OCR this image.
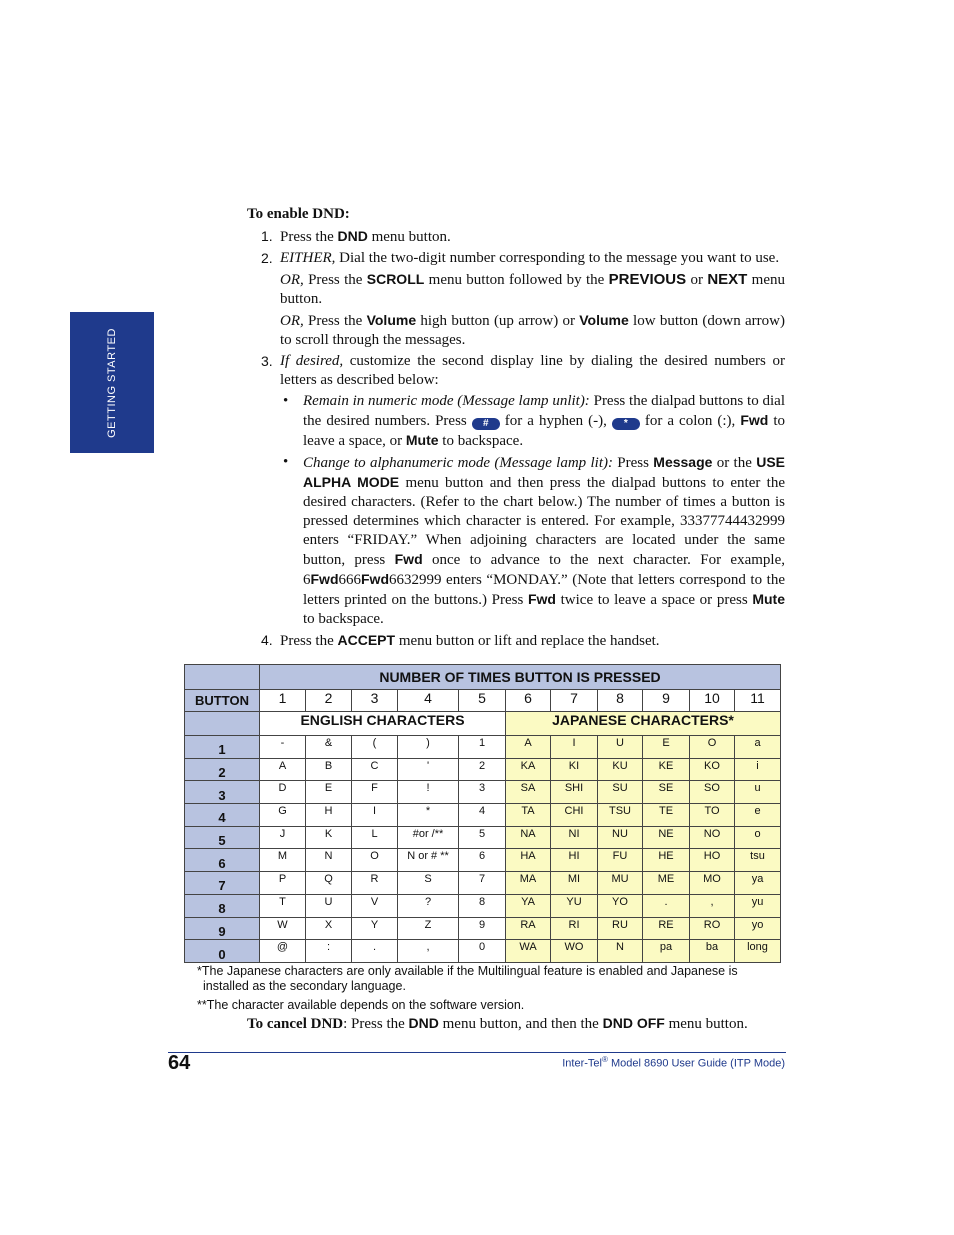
GETTING STARTED
To enable DND:
1. Press the DND menu button.
2. EITHER, Dial the two-digit number corresponding to the message you want to use.
OR, Press the SCROLL menu button followed by the PREVIOUS or NEXT menu button.
OR, Press the Volume high button (up arrow) or Volume low button (down arrow) to scroll through the messages.
3. If desired, customize the second display line by dialing the desired numbers or letters as described below:
• Remain in numeric mode (Message lamp unlit): Press the dialpad buttons to dial the desired numbers. Press # for a hyphen (-), * for a colon (:), Fwd to leave a space, or Mute to backspace.
• Change to alphanumeric mode (Message lamp lit): Press Message or the USE ALPHA MODE menu button and then press the dialpad buttons to enter the desired characters. (Refer to the chart below.) The number of times a button is pressed determines which character is entered. For example, 33377744432999 enters “FRIDAY.” When adjoining characters are located under the same button, press Fwd once to advance to the next character. For example, 6Fwd666Fwd6632999 enters “MONDAY.” (Note that letters correspond to the letters printed on the buttons.) Press Fwd twice to leave a space or press Mute to backspace.
4. Press the ACCEPT menu button or lift and replace the handset.
	NUMBER OF TIMES BUTTON IS PRESSED										
BUTTON	1	2	3	4	5	6	7	8	9	10	11
	ENGLISH CHARACTERS					JAPANESE CHARACTERS*					
1	-	&	(	)	1	A	I	U	E	O	a
2	A	B	C	'	2	KA	KI	KU	KE	KO	i
3	D	E	F	!	3	SA	SHI	SU	SE	SO	u
4	G	H	I	*	4	TA	CHI	TSU	TE	TO	e
5	J	K	L	#or /**	5	NA	NI	NU	NE	NO	o
6	M	N	O	N or # **	6	HA	HI	FU	HE	HO	tsu
7	P	Q	R	S	7	MA	MI	MU	ME	MO	ya
8	T	U	V	?	8	YA	YU	YO	.	,	yu
9	W	X	Y	Z	9	RA	RI	RU	RE	RO	yo
0	@	:	.	,	0	WA	WO	N	pa	ba	long
*The Japanese characters are only available if the Multilingual feature is enabled and Japanese is installed as the secondary language.
**The character available depends on the software version.
To cancel DND: Press the DND menu button, and then the DND OFF menu button.
64	Inter-Tel® Model 8690 User Guide (ITP Mode)
